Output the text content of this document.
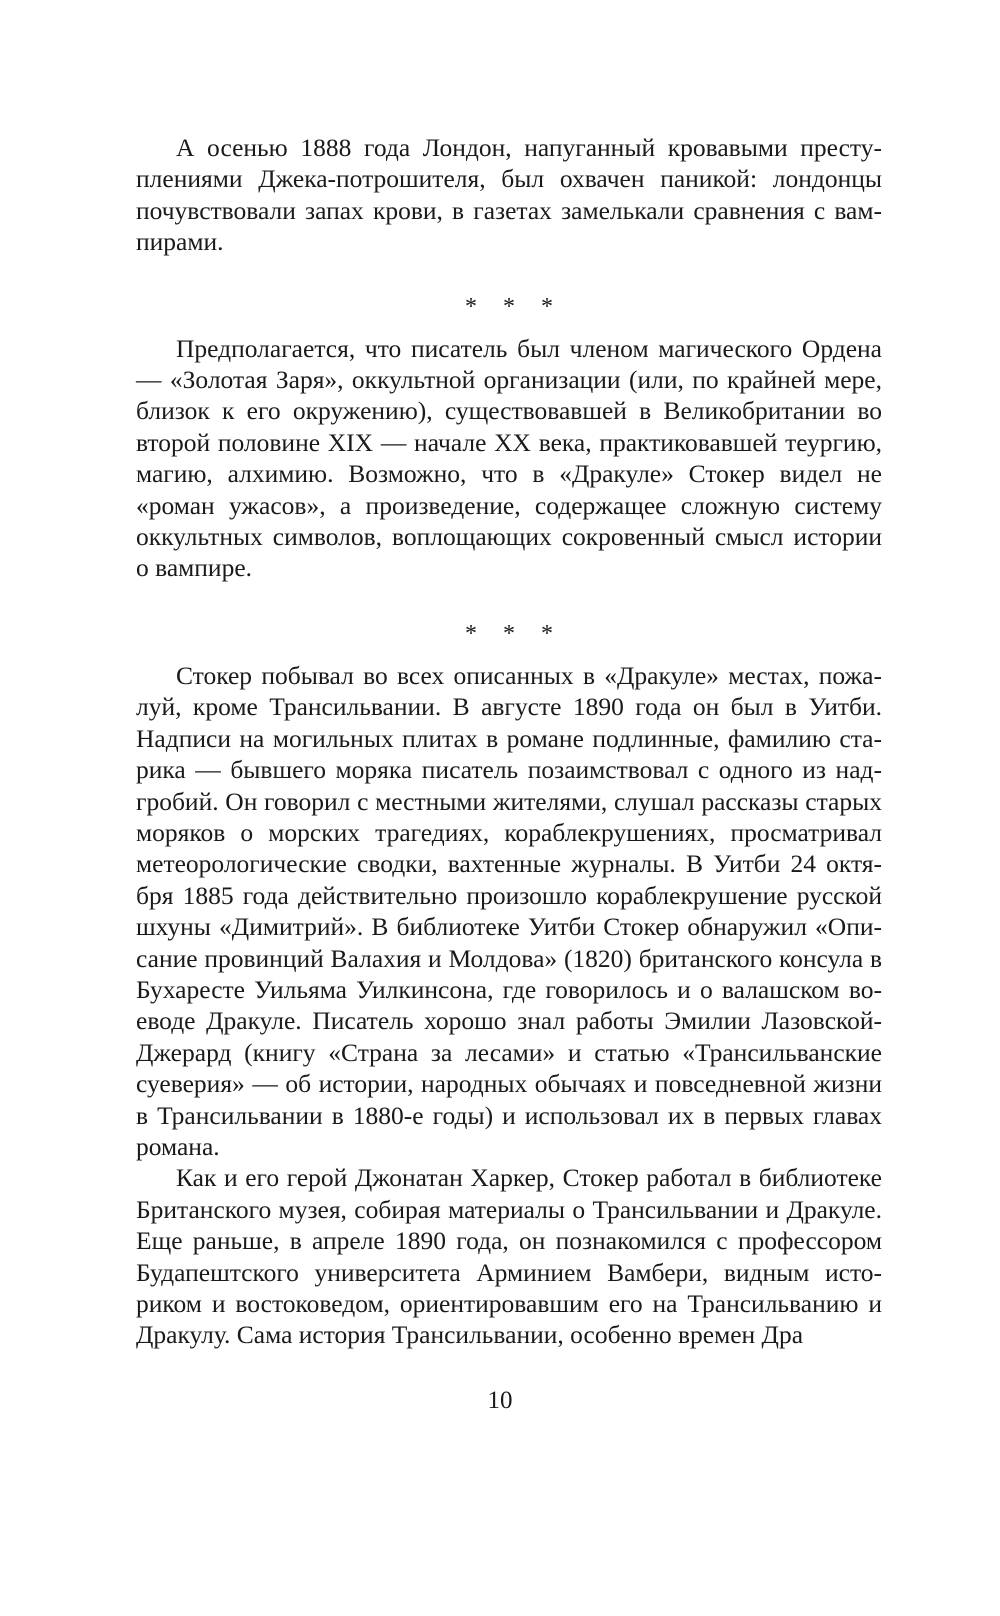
А осенью 1888 года Лондон, напуганный кровавыми преступлениями Джека-потрошителя, был охвачен паникой: лондонцы почувствовали запах крови, в газетах замелькали сравнения с вампирами.

* * *

Предполагается, что писатель был членом магического Ордена — «Золотая Заря», оккультной организации (или, по крайней мере, близок к его окружению), существовавшей в Великобритании во второй половине XIX — начале XX века, практиковавшей теургию, магию, алхимию. Возможно, что в «Дракуле» Стокер видел не «роман ужасов», а произведение, содержащее сложную систему оккультных символов, воплощающих сокровенный смысл истории о вампире.

* * *

Стокер побывал во всех описанных в «Дракуле» местах, пожалуй, кроме Трансильвании. В августе 1890 года он был в Уитби. Надписи на могильных плитах в романе подлинные, фамилию старика — бывшего моряка писатель позаимствовал с одного из надгробий. Он говорил с местными жителями, слушал рассказы старых моряков о морских трагедиях, кораблекрушениях, просматривал метеорологические сводки, вахтенные журналы. В Уитби 24 октября 1885 года действительно произошло кораблекрушение русской шхуны «Димитрий». В библиотеке Уитби Стокер обнаружил «Описание провинций Валахия и Молдова» (1820) британского консула в Бухаресте Уильяма Уилкинсона, где говорилось и о валашском воеводе Дракуле. Писатель хорошо знал работы Эмилии Лазовской-Джерард (книгу «Страна за лесами» и статью «Трансильванские суеверия» — об истории, народных обычаях и повседневной жизни в Трансильвании в 1880-е годы) и использовал их в первых главах романа.

Как и его герой Джонатан Харкер, Стокер работал в библиотеке Британского музея, собирая материалы о Трансильвании и Дракуле. Еще раньше, в апреле 1890 года, он познакомился с профессором Будапештского университета Арминием Вамбери, видным историком и востоковедом, ориентировавшим его на Трансильванию и Дракулу. Сама история Трансильвании, особенно времен Дра

10
